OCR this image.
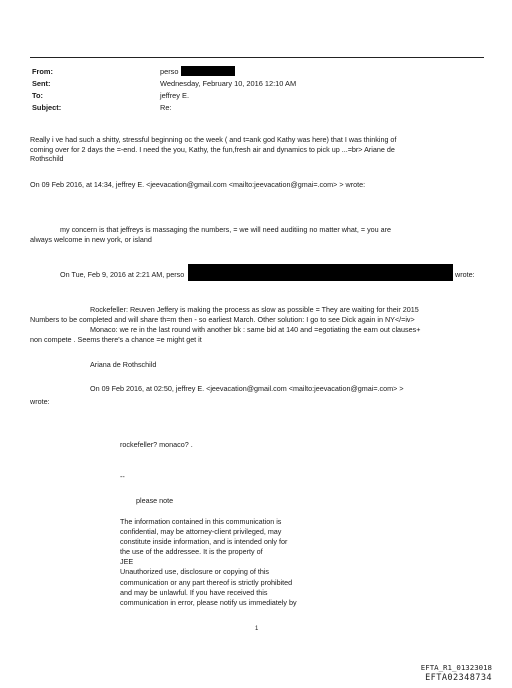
From:	perso
Sent:	Wednesday, February 10, 2016 12:10 AM
To:	jeffrey E.
Subject:	Re:
Really i ve had such a shitty, stressful beginning oc the week ( and t=ank god Kathy was here) that I was thinking of
coming over for 2 days the =-end. I need the you, Kathy, the fun,fresh air and dynamics to pick up ...=br> Ariane de
Rothschild
On 09 Feb 2016, at 14:34, jeffrey E. <jeevacation@gmail.com <mailto:jeevacation@gmai=.com> > wrote:
my concern is that jeffreys is massaging the numbers, = we will need auditiing no matter what, = you are
always welcome in new york, or island
On Tue, Feb 9, 2016 at 2:21 AM, perso	wrote:
Rockefeller: Reuven Jeffery is making the process as slow as possible = They are waiting for their 2015
Numbers to be completed and will share th=m then - so earliest March. Other solution: I go to see Dick again in NY</=iv>
Monaco: we re in the last round with another bk : same bid at 140 and =egotiating the earn out clauses+
non compete . Seems there's a chance =e might get it
Ariana de Rothschild
On 09 Feb 2016, at 02:50, jeffrey E. <jeevacation@gmail.com <mailto:jeevacation@gmai=.com> >
wrote:
rockefeller? monaco? .
--
please note
The information contained in this communication is
confidential, may be attorney-client privileged, may
constitute inside information, and is intended only for
the use of the addressee. It is the property of
JEE
Unauthorized use, disclosure or copying of this
communication or any part thereof is strictly prohibited
and may be unlawful. If you have received this
communication in error, please notify us immediately by
1
EFTA_R1_01323018
EFTA02348734
